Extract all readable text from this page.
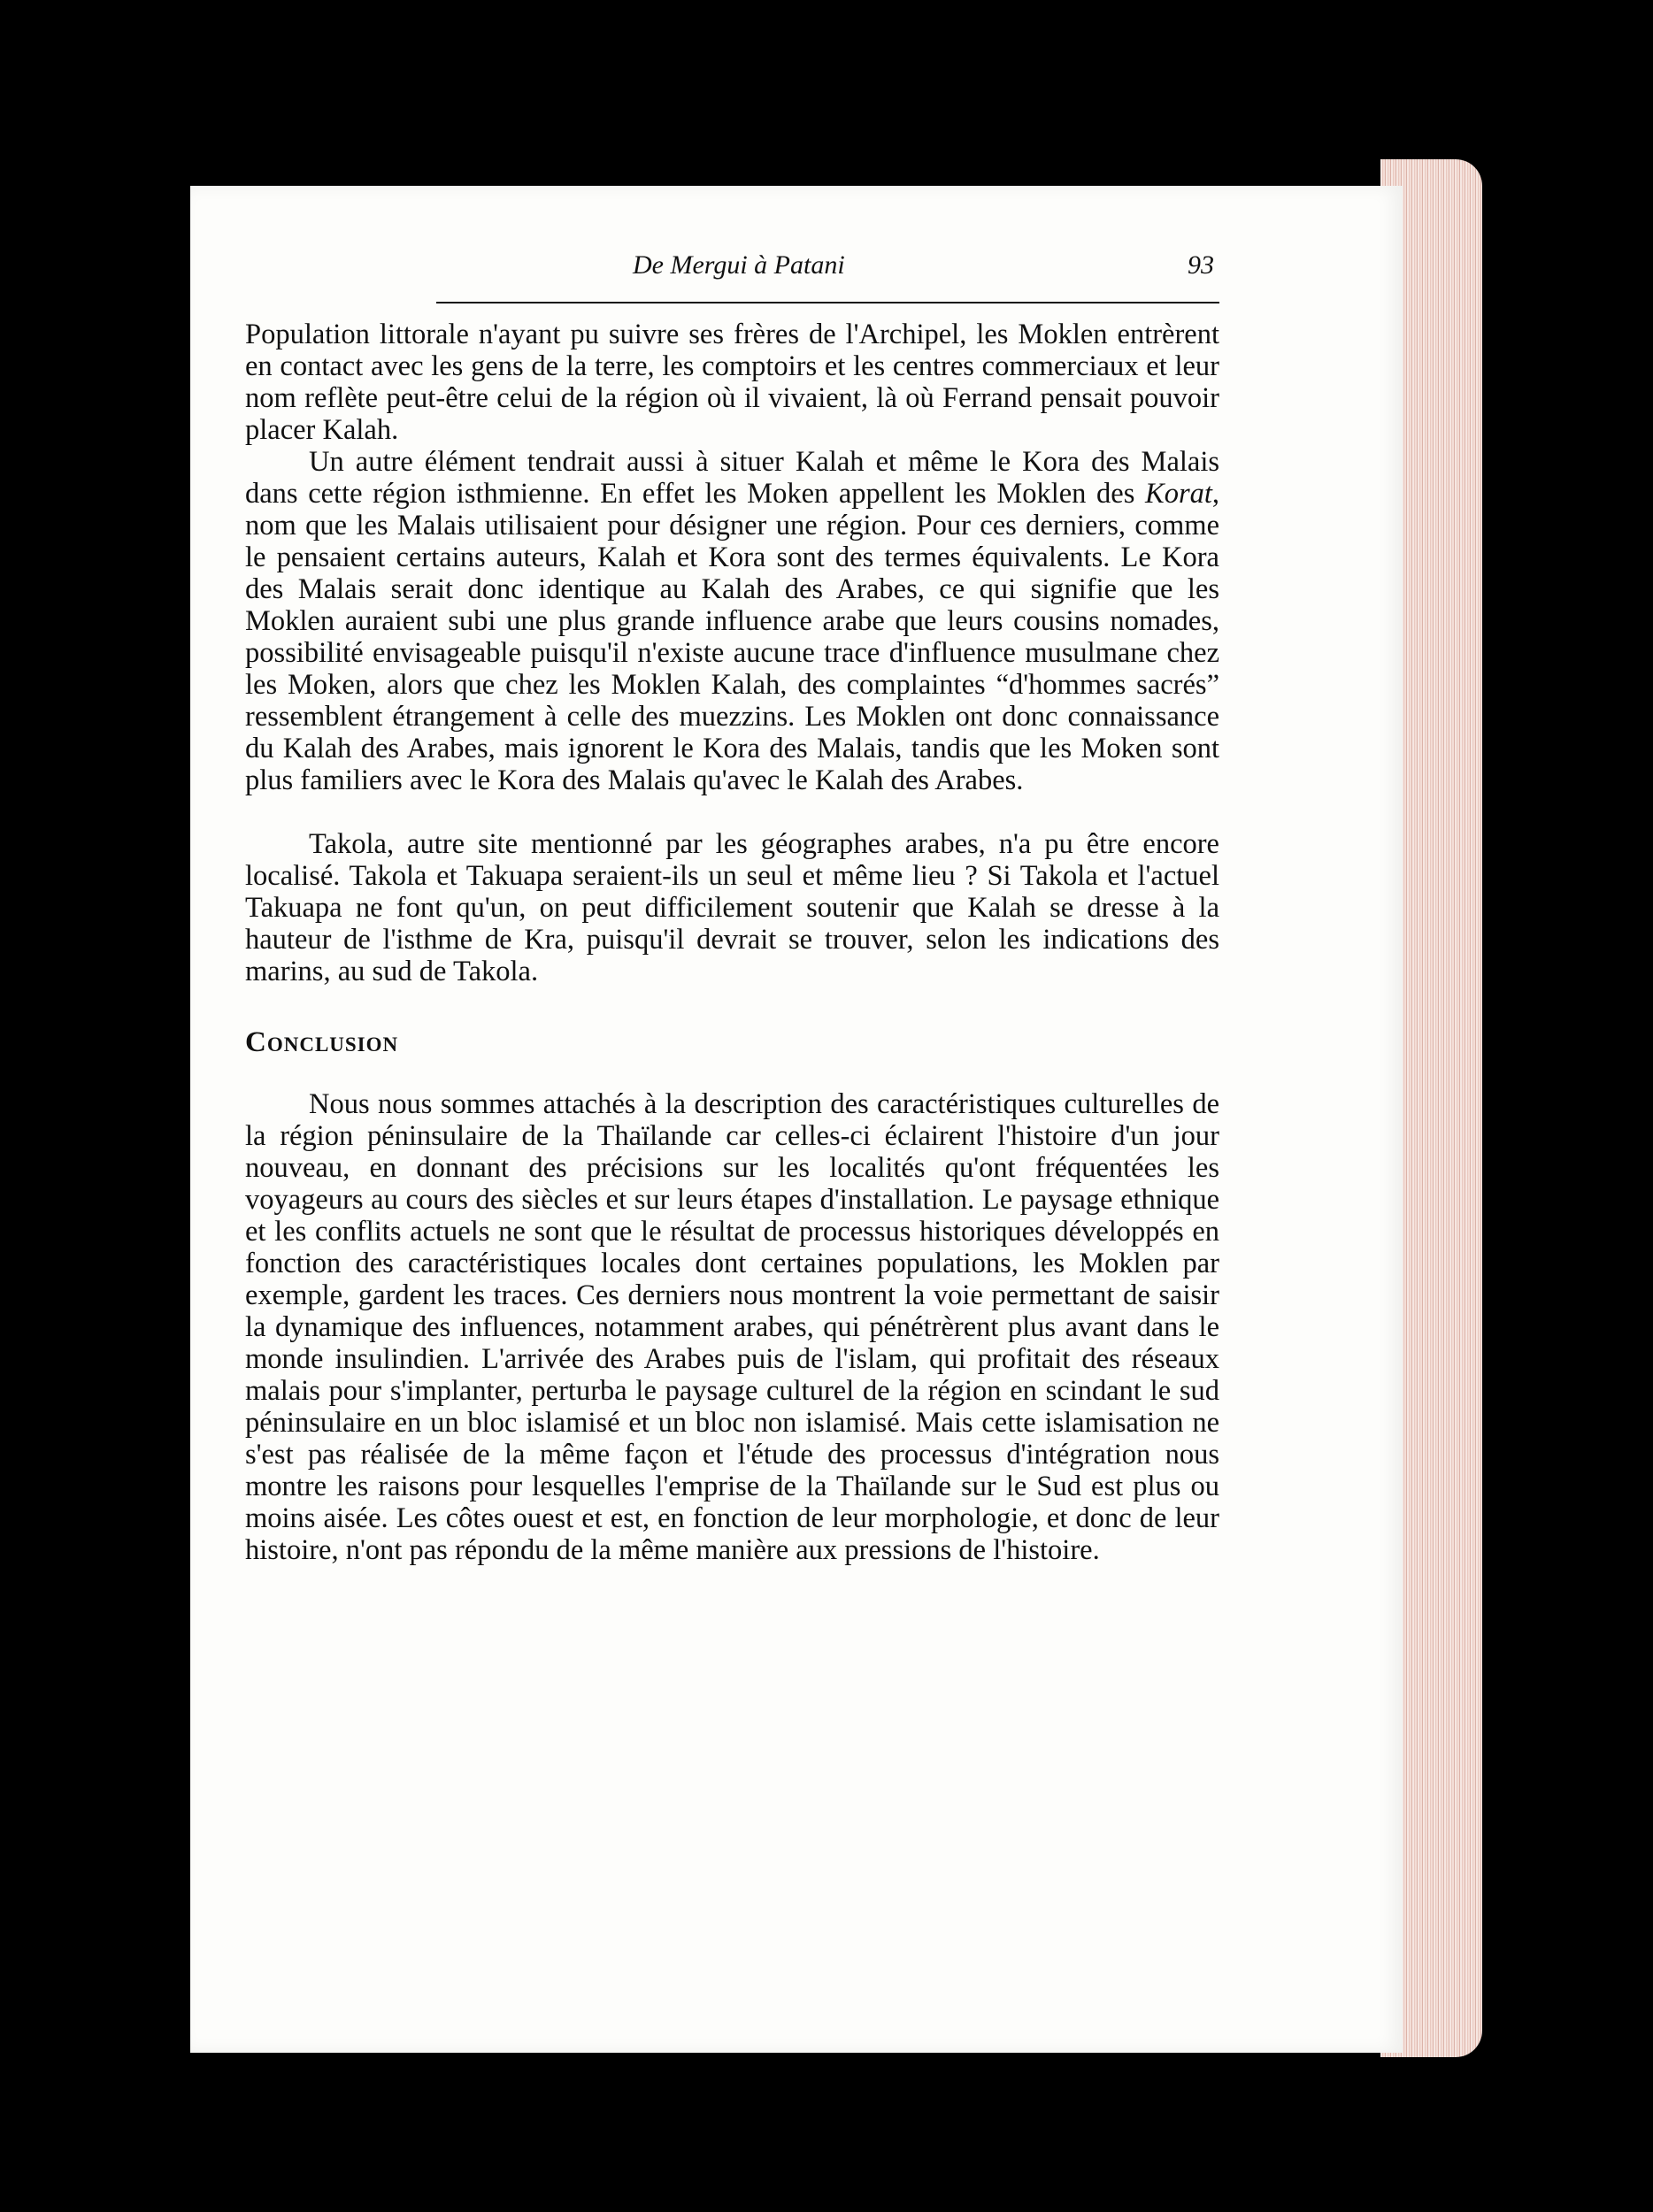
De Mergui à Patani	93

Population littorale n'ayant pu suivre ses frères de l'Archipel, les Moklen entrèrent en contact avec les gens de la terre, les comptoirs et les centres commerciaux et leur nom reflète peut-être celui de la région où il vivaient, là où Ferrand pensait pouvoir placer Kalah.

Un autre élément tendrait aussi à situer Kalah et même le Kora des Malais dans cette région isthmienne. En effet les Moken appellent les Moklen des Korat, nom que les Malais utilisaient pour désigner une région. Pour ces derniers, comme le pensaient certains auteurs, Kalah et Kora sont des termes équivalents. Le Kora des Malais serait donc identique au Kalah des Arabes, ce qui signifie que les Moklen auraient subi une plus grande influence arabe que leurs cousins nomades, possibilité envisageable puisqu'il n'existe aucune trace d'influence musulmane chez les Moken, alors que chez les Moklen Kalah, des complaintes “d'hommes sacrés” ressemblent étrangement à celle des muezzins. Les Moklen ont donc connaissance du Kalah des Arabes, mais ignorent le Kora des Malais, tandis que les Moken sont plus familiers avec le Kora des Malais qu'avec le Kalah des Arabes.

Takola, autre site mentionné par les géographes arabes, n'a pu être encore localisé. Takola et Takuapa seraient-ils un seul et même lieu ? Si Takola et l'actuel Takuapa ne font qu'un, on peut difficilement soutenir que Kalah se dresse à la hauteur de l'isthme de Kra, puisqu'il devrait se trouver, selon les indications des marins, au sud de Takola.

Conclusion

Nous nous sommes attachés à la description des caractéristiques culturelles de la région péninsulaire de la Thaïlande car celles-ci éclairent l'histoire d'un jour nouveau, en donnant des précisions sur les localités qu'ont fréquentées les voyageurs au cours des siècles et sur leurs étapes d'installation. Le paysage ethnique et les conflits actuels ne sont que le résultat de processus historiques développés en fonction des caractéristiques locales dont certaines populations, les Moklen par exemple, gardent les traces. Ces derniers nous montrent la voie permettant de saisir la dynamique des influences, notamment arabes, qui pénétrèrent plus avant dans le monde insulindien. L'arrivée des Arabes puis de l'islam, qui profitait des réseaux malais pour s'implanter, perturba le paysage culturel de la région en scindant le sud péninsulaire en un bloc islamisé et un bloc non islamisé. Mais cette islamisation ne s'est pas réalisée de la même façon et l'étude des processus d'intégration nous montre les raisons pour lesquelles l'emprise de la Thaïlande sur le Sud est plus ou moins aisée. Les côtes ouest et est, en fonction de leur morphologie, et donc de leur histoire, n'ont pas répondu de la même manière aux pressions de l'histoire.
